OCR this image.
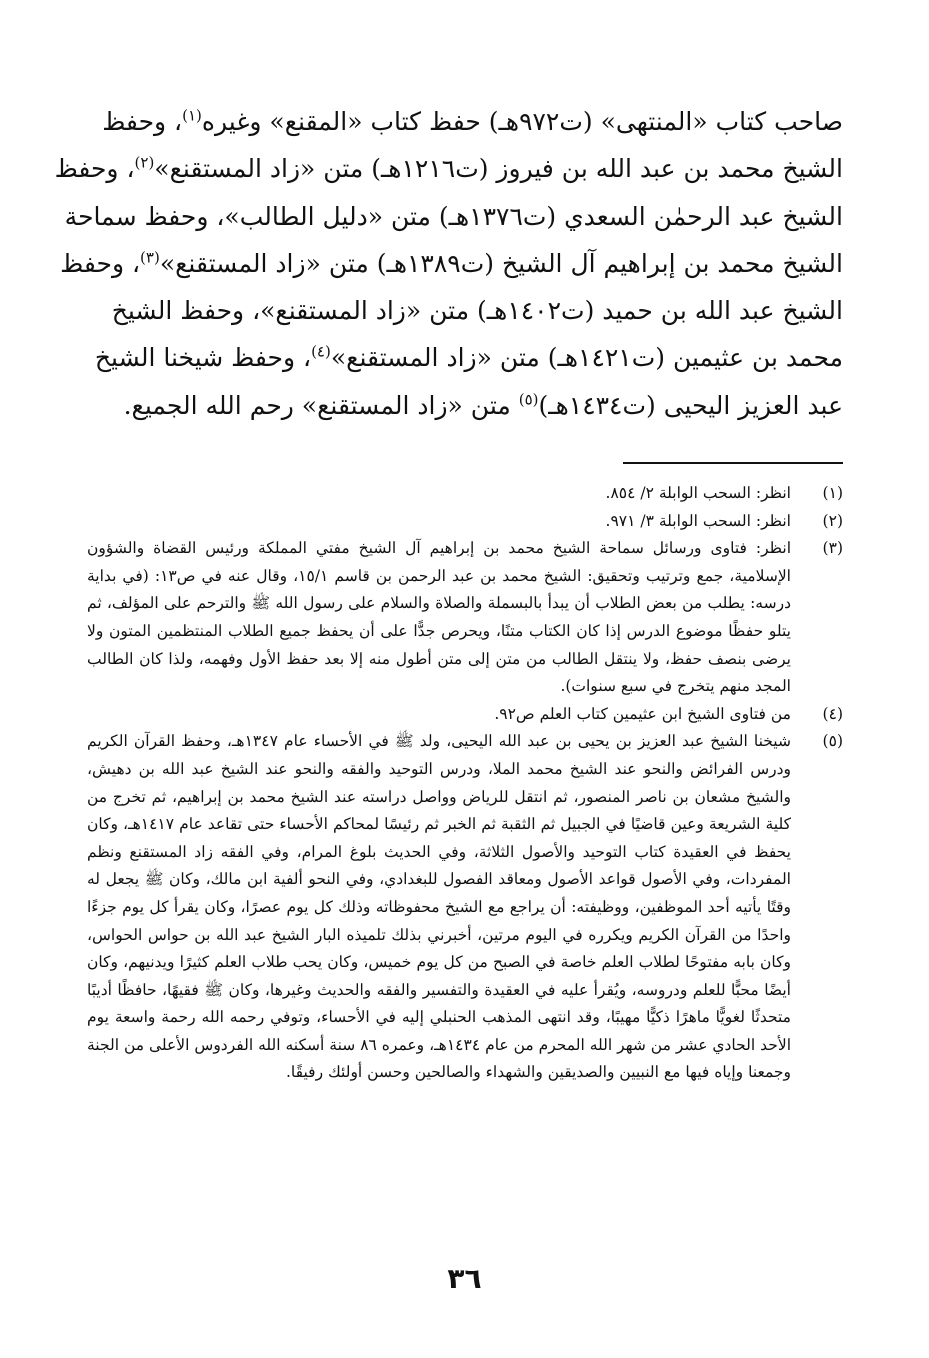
صاحب كتاب «المنتهى» (ت٩٧٢هـ) حفظ كتاب «المقنع» وغيره$^{(١)}$، وحفظ
الشيخ محمد بن عبد الله بن فيروز (ت١٢١٦هـ) متن «زاد المستقنع»$^{(٢)}$، وحفظ
الشيخ عبد الرحمٰن السعدي (ت١٣٧٦هـ) متن «دليل الطالب»، وحفظ سماحة
الشيخ محمد بن إبراهيم آل الشيخ (ت١٣٨٩هـ) متن «زاد المستقنع»$^{(٣)}$، وحفظ
الشيخ عبد الله بن حميد (ت١٤٠٢هـ) متن «زاد المستقنع»، وحفظ الشيخ
محمد بن عثيمين (ت١٤٢١هـ) متن «زاد المستقنع»$^{(٤)}$، وحفظ شيخنا الشيخ
عبد العزيز اليحيى (ت١٤٣٤هـ)$^{(٥)}$ متن «زاد المستقنع» رحم الله الجميع.
(١)
انظر: السحب الوابلة ٢/ ٨٥٤.
(٢)
انظر: السحب الوابلة ٣/ ٩٧١.
(٣)
انظر: فتاوى ورسائل سماحة الشيخ محمد بن إبراهيم آل الشيخ مفتي المملكة ورئيس القضاة والشؤون الإسلامية، جمع وترتيب وتحقيق: الشيخ محمد بن عبد الرحمن بن قاسم ١٥/١، وقال عنه في ص١٣: (في بداية درسه: يطلب من بعض الطلاب أن يبدأ بالبسملة والصلاة والسلام على رسول الله ﷺ والترحم على المؤلف، ثم يتلو حفظًا موضوع الدرس إذا كان الكتاب متنًا، ويحرص جدًّا على أن يحفظ جميع الطلاب المنتظمين المتون ولا يرضى بنصف حفظ، ولا ينتقل الطالب من متن إلى متن أطول منه إلا بعد حفظ الأول وفهمه، ولذا كان الطالب المجد منهم يتخرج في سبع سنوات).
(٤)
من فتاوى الشيخ ابن عثيمين كتاب العلم ص٩٢.
(٥)
شيخنا الشيخ عبد العزيز بن يحيى بن عبد الله اليحيى، ولد ﷺ في الأحساء عام ١٣٤٧هـ، وحفظ القرآن الكريم ودرس الفرائض والنحو عند الشيخ محمد الملا، ودرس التوحيد والفقه والنحو عند الشيخ عبد الله بن دهيش، والشيخ مشعان بن ناصر المنصور، ثم انتقل للرياض وواصل دراسته عند الشيخ محمد بن إبراهيم، ثم تخرج من كلية الشريعة وعين قاضيًا في الجبيل ثم الثقبة ثم الخبر ثم رئيسًا لمحاكم الأحساء حتى تقاعد عام ١٤١٧هـ، وكان يحفظ في العقيدة كتاب التوحيد والأصول الثلاثة، وفي الحديث بلوغ المرام، وفي الفقه زاد المستقنع ونظم المفردات، وفي الأصول قواعد الأصول ومعاقد الفصول للبغدادي، وفي النحو ألفية ابن مالك، وكان ﷺ يجعل له وقتًا يأتيه أحد الموظفين، ووظيفته: أن يراجع مع الشيخ محفوظاته وذلك كل يوم عصرًا، وكان يقرأ كل يوم جزءًا واحدًا من القرآن الكريم ويكرره في اليوم مرتين، أخبرني بذلك تلميذه البار الشيخ عبد الله بن حواس الحواس، وكان بابه مفتوحًا لطلاب العلم خاصة في الصبح من كل يوم خميس، وكان يحب طلاب العلم كثيرًا ويدنيهم، وكان أيضًا محبًّا للعلم ودروسه، ويُقرأ عليه في العقيدة والتفسير والفقه والحديث وغيرها، وكان ﷺ فقيهًا، حافظًا أديبًا متحدثًا لغويًّا ماهرًا ذكيًّا مهيبًا، وقد انتهى المذهب الحنبلي إليه في الأحساء، وتوفي رحمه الله رحمة واسعة يوم الأحد الحادي عشر من شهر الله المحرم من عام ١٤٣٤هـ، وعمره ٨٦ سنة أسكنه الله الفردوس الأعلى من الجنة وجمعنا وإياه فيها مع النبيين والصديقين والشهداء والصالحين وحسن أولئك رفيقًا.
٣٦
